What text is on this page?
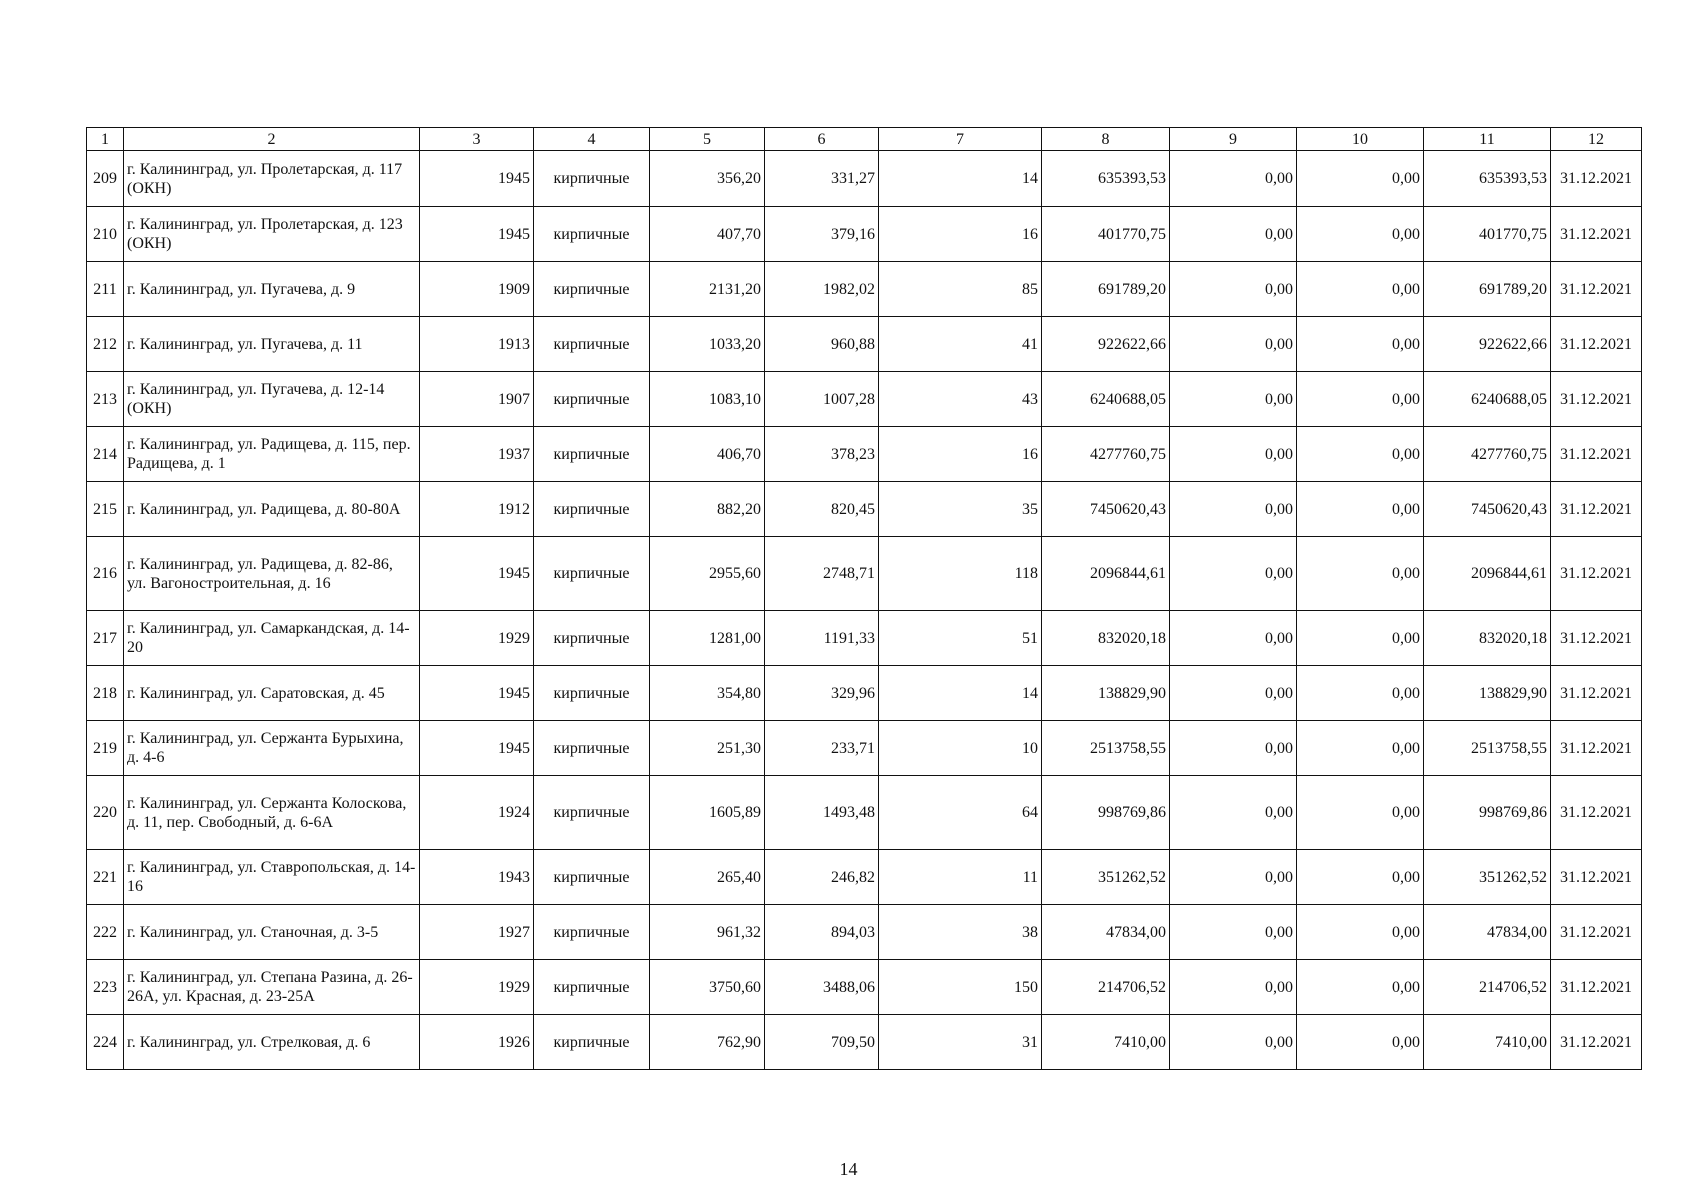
1	2	3	4	5	6	7	8	9	10	11	12
209	г. Калининград, ул. Пролетарская, д. 117 (ОКН)	1945	кирпичные	356,20	331,27	14	635393,53	0,00	0,00	635393,53	31.12.2021
210	г. Калининград, ул. Пролетарская, д. 123 (ОКН)	1945	кирпичные	407,70	379,16	16	401770,75	0,00	0,00	401770,75	31.12.2021
211	г. Калининград, ул. Пугачева, д. 9	1909	кирпичные	2131,20	1982,02	85	691789,20	0,00	0,00	691789,20	31.12.2021
212	г. Калининград, ул. Пугачева, д. 11	1913	кирпичные	1033,20	960,88	41	922622,66	0,00	0,00	922622,66	31.12.2021
213	г. Калининград, ул. Пугачева, д. 12-14 (ОКН)	1907	кирпичные	1083,10	1007,28	43	6240688,05	0,00	0,00	6240688,05	31.12.2021
214	г. Калининград, ул. Радищева, д. 115, пер. Радищева, д. 1	1937	кирпичные	406,70	378,23	16	4277760,75	0,00	0,00	4277760,75	31.12.2021
215	г. Калининград, ул. Радищева, д. 80-80А	1912	кирпичные	882,20	820,45	35	7450620,43	0,00	0,00	7450620,43	31.12.2021
216	г. Калининград, ул. Радищева, д. 82-86, ул. Вагоностроительная, д. 16	1945	кирпичные	2955,60	2748,71	118	2096844,61	0,00	0,00	2096844,61	31.12.2021
217	г. Калининград, ул. Самаркандская, д. 14-20	1929	кирпичные	1281,00	1191,33	51	832020,18	0,00	0,00	832020,18	31.12.2021
218	г. Калининград, ул. Саратовская, д. 45	1945	кирпичные	354,80	329,96	14	138829,90	0,00	0,00	138829,90	31.12.2021
219	г. Калининград, ул. Сержанта Бурыхина, д. 4-6	1945	кирпичные	251,30	233,71	10	2513758,55	0,00	0,00	2513758,55	31.12.2021
220	г. Калининград, ул. Сержанта Колоскова, д. 11, пер. Свободный, д. 6-6А	1924	кирпичные	1605,89	1493,48	64	998769,86	0,00	0,00	998769,86	31.12.2021
221	г. Калининград, ул. Ставропольская, д. 14-16	1943	кирпичные	265,40	246,82	11	351262,52	0,00	0,00	351262,52	31.12.2021
222	г. Калининград, ул. Станочная, д. 3-5	1927	кирпичные	961,32	894,03	38	47834,00	0,00	0,00	47834,00	31.12.2021
223	г. Калининград, ул. Степана Разина, д. 26-26А, ул. Красная, д. 23-25А	1929	кирпичные	3750,60	3488,06	150	214706,52	0,00	0,00	214706,52	31.12.2021
224	г. Калининград, ул. Стрелковая, д. 6	1926	кирпичные	762,90	709,50	31	7410,00	0,00	0,00	7410,00	31.12.2021
14
